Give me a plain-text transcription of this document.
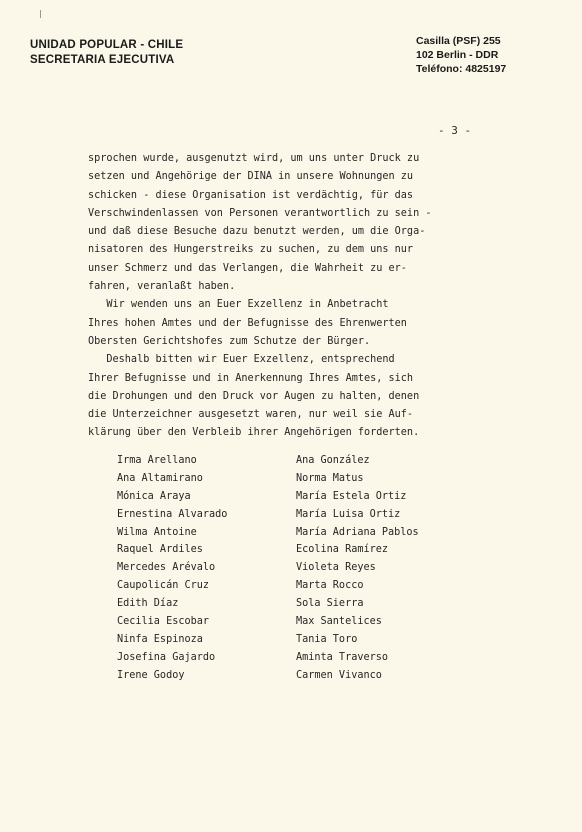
UNIDAD POPULAR - CHILE
SECRETARIA EJECUTIVA
Casilla (PSF) 255
102 Berlin - DDR
Teléfono: 4825197
- 3 -
sprochen wurde, ausgenutzt wird, um uns unter Druck zu
setzen und Angehörige der DINA in unsere Wohnungen zu
schicken - diese Organisation ist verdächtig, für das
Verschwindenlassen von Personen verantwortlich zu sein -
und daß diese Besuche dazu benutzt werden, um die Orga-
nisatoren des Hungerstreiks zu suchen, zu dem uns nur
unser Schmerz und das Verlangen, die Wahrheit zu er-
fahren, veranlaßt haben.
Wir wenden uns an Euer Exzellenz in Anbetracht
Ihres hohen Amtes und der Befugnisse des Ehrenwerten
Obersten Gerichtshofes zum Schutze der Bürger.
Deshalb bitten wir Euer Exzellenz, entsprechend
Ihrer Befugnisse und in Anerkennung Ihres Amtes, sich
die Drohungen und den Druck vor Augen zu halten, denen
die Unterzeichner ausgesetzt waren, nur weil sie Auf-
klärung über den Verbleib ihrer Angehörigen forderten.
Irma Arellano
Ana Altamirano
Mónica Araya
Ernestina Alvarado
Wilma Antoine
Raquel Ardiles
Mercedes Arévalo
Caupolicán Cruz
Edith Díaz
Cecilia Escobar
Ninfa Espinoza
Josefina Gajardo
Irene Godoy
Ana González
Norma Matus
María Estela Ortiz
María Luisa Ortiz
María Adriana Pablos
Ecolina Ramírez
Violeta Reyes
Marta Rocco
Sola Sierra
Max Santelices
Tania Toro
Aminta Traverso
Carmen Vivanco
